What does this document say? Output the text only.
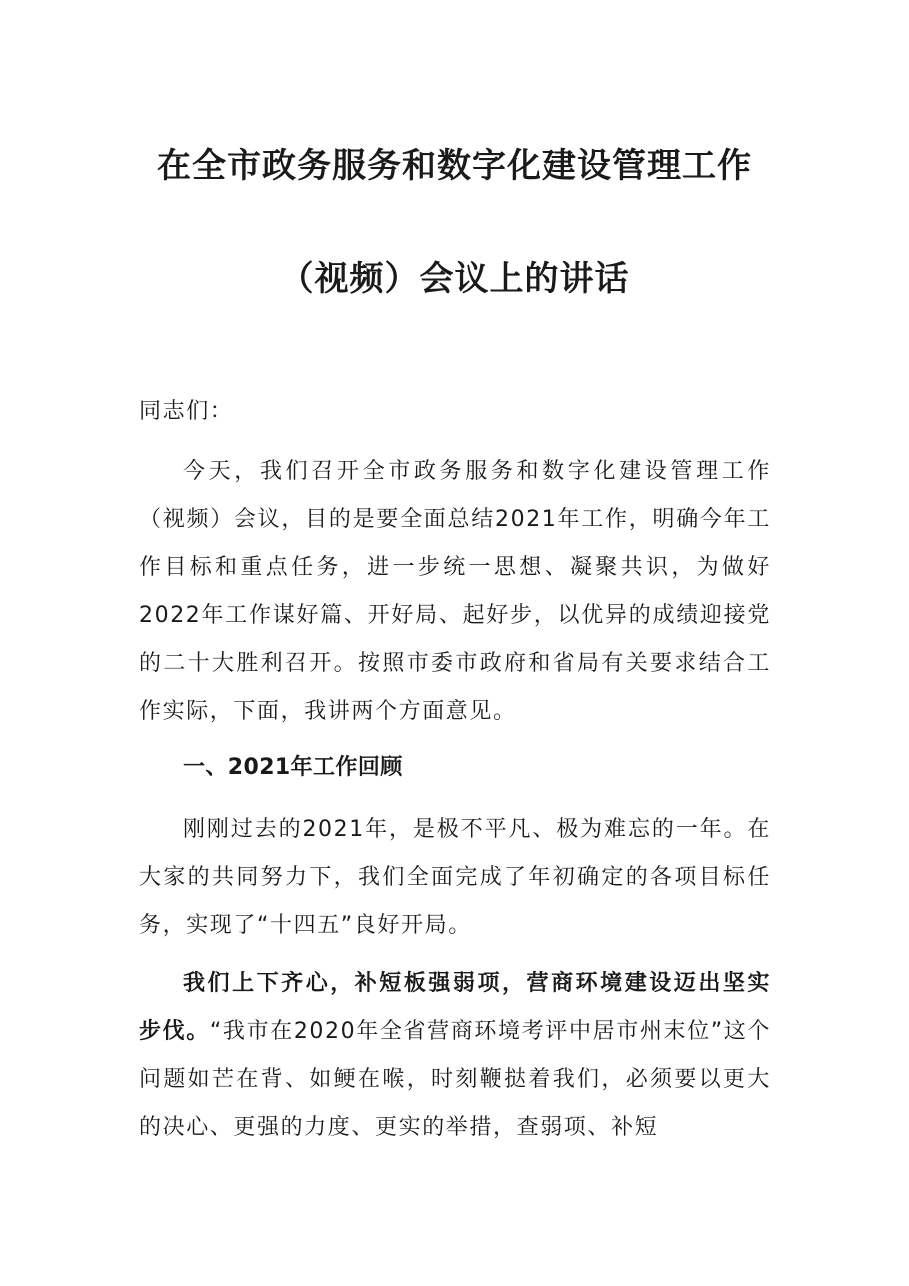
在全市政务服务和数字化建设管理工作
（视频）会议上的讲话
同志们：
今天，我们召开全市政务服务和数字化建设管理工作（视频）会议，目的是要全面总结2021年工作，明确今年工作目标和重点任务，进一步统一思想、凝聚共识，为做好2022年工作谋好篇、开好局、起好步，以优异的成绩迎接党的二十大胜利召开。按照市委市政府和省局有关要求结合工作实际，下面，我讲两个方面意见。
一、2021年工作回顾
刚刚过去的2021年，是极不平凡、极为难忘的一年。在大家的共同努力下，我们全面完成了年初确定的各项目标任务，实现了“十四五”良好开局。
我们上下齐心，补短板强弱项，营商环境建设迈出坚实步伐。“我市在2020年全省营商环境考评中居市州末位”这个问题如芒在背、如鲠在喉，时刻鞭挞着我们，必须要以更大的决心、更强的力度、更实的举措，查弱项、补短
